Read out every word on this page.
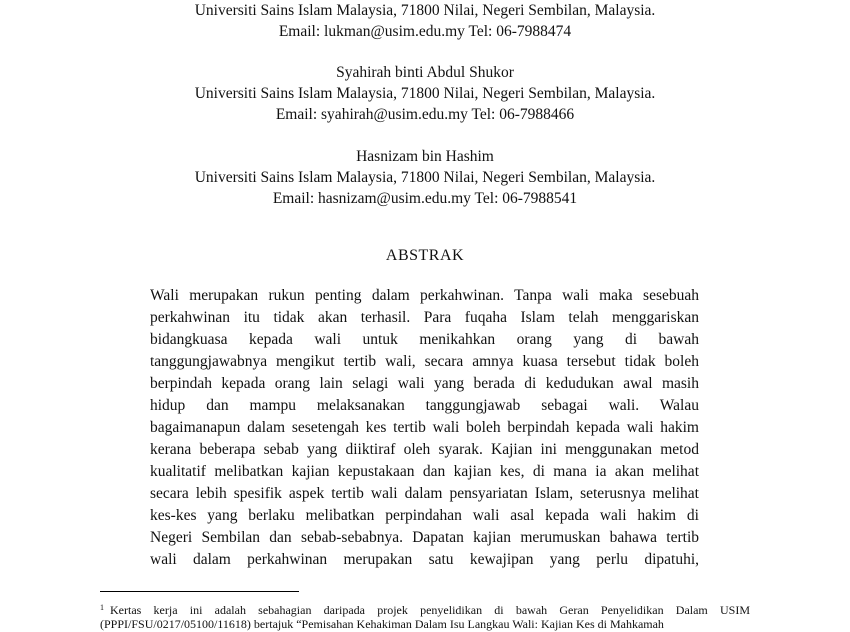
Universiti Sains Islam Malaysia, 71800 Nilai, Negeri Sembilan, Malaysia.
Email: lukman@usim.edu.my Tel: 06-7988474
Syahirah binti Abdul Shukor
Universiti Sains Islam Malaysia, 71800 Nilai, Negeri Sembilan, Malaysia.
Email: syahirah@usim.edu.my Tel: 06-7988466
Hasnizam bin Hashim
Universiti Sains Islam Malaysia, 71800 Nilai, Negeri Sembilan, Malaysia.
Email: hasnizam@usim.edu.my Tel: 06-7988541
ABSTRAK
Wali merupakan rukun penting dalam perkahwinan. Tanpa wali maka sesebuah
perkahwinan itu tidak akan terhasil. Para fuqaha Islam telah menggariskan
bidangkuasa kepada wali untuk menikahkan orang yang di bawah
tanggungjawabnya mengikut tertib wali, secara amnya kuasa tersebut tidak boleh
berpindah kepada orang lain selagi wali yang berada di kedudukan awal masih
hidup dan mampu melaksanakan tanggungjawab sebagai wali. Walau
bagaimanapun dalam sesetengah kes tertib wali boleh berpindah kepada wali hakim
kerana beberapa sebab yang diiktiraf oleh syarak. Kajian ini menggunakan metod
kualitatif melibatkan kajian kepustakaan dan kajian kes, di mana ia akan melihat
secara lebih spesifik aspek tertib wali dalam pensyariatan Islam, seterusnya melihat
kes-kes yang berlaku melibatkan perpindahan wali asal kepada wali hakim di
Negeri Sembilan dan sebab-sebabnya. Dapatan kajian merumuskan bahawa tertib
wali dalam perkahwinan merupakan satu kewajipan yang perlu dipatuhi,
$^1$ Kertas kerja ini adalah sebahagian daripada projek penyelidikan di bawah Geran Penyelidikan Dalam USIM
(PPPI/FSU/0217/05100/11618) bertajuk “Pemisahan Kehakiman Dalam Isu Langkau Wali: Kajian Kes di Mahkamah
